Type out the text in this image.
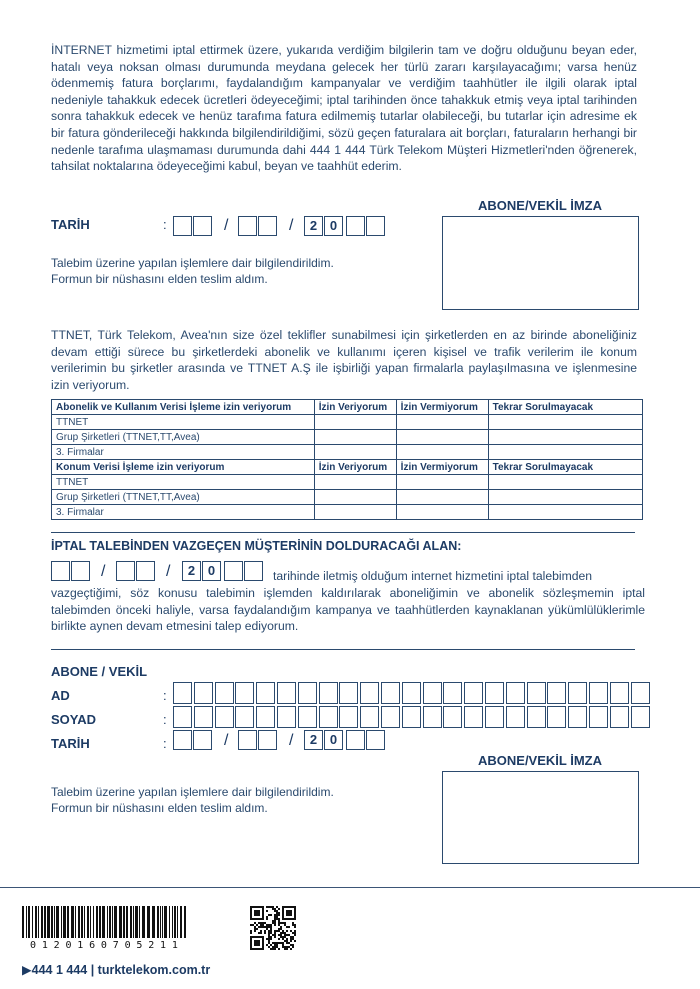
İNTERNET hizmetimi iptal ettirmek üzere, yukarıda verdiğim bilgilerin tam ve doğru olduğunu beyan eder, hatalı veya noksan olması durumunda meydana gelecek her türlü zararı karşılayacağımı; varsa henüz ödenmemiş fatura borçlarımı, faydalandığım kampanyalar ve verdiğim taahhütler ile ilgili olarak iptal nedeniyle tahakkuk edecek ücretleri ödeyeceğimi; iptal tarihinden önce tahakkuk etmiş veya iptal tarihinden sonra tahakkuk edecek ve henüz tarafıma fatura edilmemiş tutarlar olabileceği, bu tutarlar için adresime ek bir fatura gönderileceği hakkında bilgilendirildiğimi, sözü geçen faturalara ait borçları, faturaların herhangi bir nedenle tarafıma ulaşmaması durumunda dahi 444 1 444 Türk Telekom Müşteri Hizmetleri'nden öğrenerek, tahsilat noktalarına ödeyeceğimi kabul, beyan ve taahhüt ederim.
ABONE/VEKİL İMZA
TARİH	:	/	/	2 0
Talebim üzerine yapılan işlemlere dair bilgilendirildim.
Formun bir nüshasını elden teslim aldım.
TTNET, Türk Telekom, Avea'nın size özel teklifler sunabilmesi için şirketlerden en az birinde aboneliğiniz devam ettiği sürece bu şirketlerdeki abonelik ve kullanımı içeren kişisel ve trafik verilerim ile konum verilerimin bu şirketler arasında ve TTNET A.Ş ile işbirliği yapan firmalarla paylaşılmasına ve işlenmesine izin veriyorum.
Abonelik ve Kullanım Verisi İşleme izin veriyorum	İzin Veriyorum	İzin Vermiyorum	Tekrar Sorulmayacak
TTNET			
Grup Şirketleri (TTNET,TT,Avea)			
3. Firmalar			
Konum Verisi İşleme izin veriyorum	İzin Veriyorum	İzin Vermiyorum	Tekrar Sorulmayacak
TTNET			
Grup Şirketleri (TTNET,TT,Avea)			
3. Firmalar			
İPTAL TALEBİNDEN VAZGEÇEN MÜŞTERİNİN DOLDURACAĞI ALAN:
/	/	2 0	tarihinde iletmiş olduğum internet hizmetini iptal talebimden
vazgeçtiğimi, söz konusu talebimin işlemden kaldırılarak aboneliğimin ve abonelik sözleşmemin iptal talebimden önceki haliyle, varsa faydalandığım kampanya ve taahhütlerden kaynaklanan yükümlülüklerimle birlikte aynen devam etmesini talep ediyorum.
ABONE / VEKİL
AD	:
SOYAD	:
TARİH	:	/	/	2 0
ABONE/VEKİL İMZA
Talebim üzerine yapılan işlemlere dair bilgilendirildim.
Formun bir nüshasını elden teslim aldım.
0120160705211
▶444 1 444 | turktelekom.com.tr
